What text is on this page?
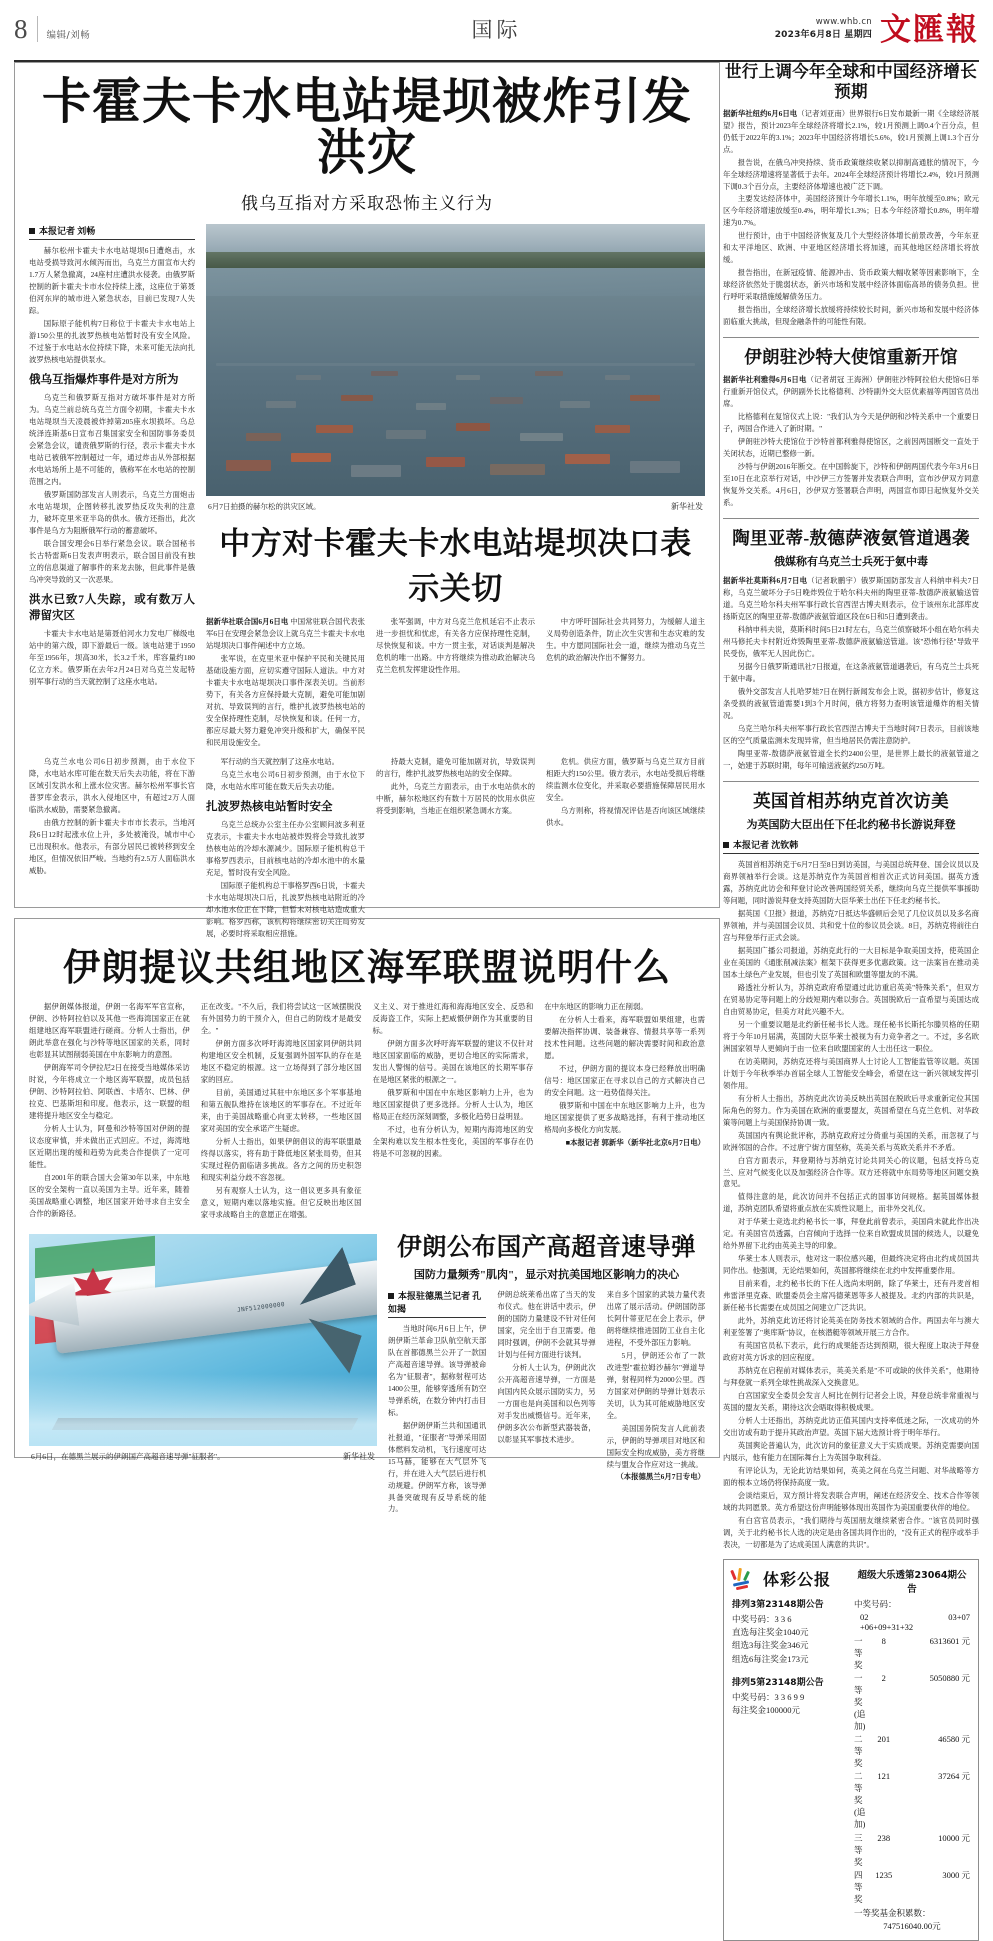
8 编辑/刘畅	国际	www.whb.cn
2023年6月8日 星期四 文匯報
卡霍夫卡水电站堤坝被炸引发洪灾
俄乌互指对方采取恐怖主义行为
本报记者 刘畅

赫尔松州卡霍夫卡水电站堤坝6日遭炮击，水电站受损导致河水倾泻而出，乌克兰方面宣布大约1.7万人紧急撤离，24座村庄遭洪水侵袭。由俄罗斯控制的新卡霍夫卡市水位持续上涨，这座位于第聂伯河东岸的城市进入紧急状态，目前已发现7人失踪。

国际原子能机构7日称位于卡霍夫卡水电站上游150公里的扎波罗热核电站暂时没有安全风险。不过鉴于水电站水位持续下降，未来可能无法向扎波罗热核电站提供泵水。

俄乌互指爆炸事件是对方所为

乌克兰和俄罗斯互指对方破坏事件是对方所为。乌克兰前总统乌克兰方面令初期，卡霍夫卡水电站堤坝当天凌晨被炸掉第205座水坝损坏。乌总统泽连斯基6日宣布召集国家安全和国防事务委员会紧急会议，谴责俄罗斯的行径，表示卡霍夫卡水电站已被俄军控制超过一年，通过炸击从外部根据水电站场所上是不可能的，俄称军在水电站的控制范围之内。

俄罗斯国防部发言人则表示，乌克兰方面炮击水电站堤坝，企图转移扎波罗热反攻失利的注意力，破坏克里米亚半岛的供水。俄方还指出，此次事件是乌方为阻断俄军行动的蓄意破坏。

联合国安理会6日举行紧急会议。联合国秘书长古特雷斯6日发表声明表示，联合国目前没有独立的信息渠道了解事件的来龙去脉，但此事件是俄乌冲突导致的又一次恶果。

洪水已致7人失踪，或有数万人滞留灾区

卡霍夫卡水电站是第聂伯河水力发电厂梯级电站中的第六级，即下游最后一级。该电站建于1950年至1956年，坝高30米，长3.2千米，库容量约180亿立方米。俄罗斯在去年2月24日对乌克兰发起特别军事行动的当天就控制了这座水电站。

6月7日拍摄的赫尔松的洪灾区域。	新华社发
中方对卡霍夫卡水电站堤坝决口表示关切

据新华社联合国6月6日电 中国常驻联合国代表张军6日在安理会紧急会议上就乌克兰卡霍夫卡水电站堤坝决口事件阐述中方立场。

张军说，在克里米亚中保护平民和关键民用基础设施方面，应切实遵守国际人道法。中方对卡霍夫卡水电站堤坝决口事件深表关切。当前形势下，有关各方应保持最大克制，避免可能加剧对抗、导致误判的言行，维护扎波罗热核电站的安全保持理性克制，尽快恢复和谈。任何一方，都应尽最大努力避免冲突升级和扩大，确保平民和民用设施安全。

张军强调，中方对乌克兰危机延宕不止表示进一步担忧和忧虑，有关各方应保持理性克制，尽快恢复和谈。中方一贯主张，对话谈判是解决危机的唯一出路。中方将继续为推动政治解决乌克兰危机发挥建设性作用。

中方呼吁国际社会共同努力，为缓解人道主义局势创造条件，防止次生灾害和生态灾难的发生。中方愿同国际社会一道，继续为推动乌克兰危机的政治解决作出不懈努力。

乌克兰水电公司6日初步预测，由于水位下降，水电站水库可能在数天后失去功能，将在下游区域引发洪水和上涨水位灾害。赫尔松州军事长官普罗库金表示，洪水入侵地区中，有超过2万人面临洪水威胁，需要紧急撤离。

由俄方控制的新卡霍夫卡市市长表示，当地河段6日12时起涨水位上升，多处被淹没，城市中心已出现积水。他表示，有部分居民已被转移到安全地区，但情况依旧严峻。当地约有2.5万人面临洪水威胁。

军行动的当天就控制了这座水电站。

乌克兰水电公司6日初步预测，由于水位下降，水电站水库可能在数天后失去功能。

扎波罗热核电站暂时安全

乌克兰总统办公室主任办公室顾问波多利亚克表示，卡霍夫卡水电站被炸毁将会导致扎波罗热核电站的冷却水源减少。国际原子能机构总干事格罗西表示，目前核电站的冷却水池中的水量充足，暂时没有安全风险。

国际原子能机构总干事格罗西6日说，卡霍夫卡水电站堤坝决口后，扎波罗热核电站附近的冷却水池水位正在下降，但暂未对核电站造成重大影响。格罗西称，该机构将继续密切关注局势发展，必要时将采取相应措施。

持最大克制，避免可能加剧对抗，导致误判的言行，维护扎波罗热核电站的安全保障。

此外，乌克兰方面表示，由于水电站供水的中断，赫尔松地区约有数十万居民的饮用水供应将受到影响，当地正在组织紧急调水方案。

危机。供应方面，俄罗斯与乌克兰双方目前相距大约150公里。俄方表示，水电站受损后将继续监测水位变化，并采取必要措施保障居民用水安全。

乌方则称，将视情况评估是否向该区域继续供水。

世行上调今年全球和中国经济增长预期

据新华社纽约6月6日电（记者刘亚南）世界银行6日发布最新一期《全球经济展望》报告，预计2023年全球经济将增长2.1%，较1月预测上调0.4个百分点，但仍低于2022年的3.1%；2023年中国经济将增长5.6%，较1月预测上调1.3个百分点。

报告说，在俄乌冲突持续、货币政策继续收紧以抑制高通胀的情况下，今年全球经济增速将显著低于去年。2024年全球经济预计将增长2.4%，较1月预测下调0.3个百分点，主要经济体增速也被广泛下调。

主要发达经济体中，美国经济预计今年增长1.1%，明年放缓至0.8%；欧元区今年经济增速放缓至0.4%，明年增长1.3%；日本今年经济增长0.8%，明年增速为0.7%。

世行预计，由于中国经济恢复及几个大型经济体增长前景改善，今年东亚和太平洋地区、欧洲、中亚地区经济增长将加速，而其他地区经济增长将放缓。

报告指出，在新冠疫情、能源冲击、货币政策大幅收紧等因素影响下，全球经济依然处于脆弱状态，新兴市场和发展中经济体面临高昂的债务负担。世行呼吁采取措施缓解债务压力。

报告指出，全球经济增长放缓将持续较长时间，新兴市场和发展中经济体面临重大挑战，但现金融条件的可能性有限。

伊朗驻沙特大使馆重新开馆

据新华社利雅得6月6日电（记者胡冠 王海洲）伊朗驻沙特阿拉伯大使馆6日举行重新开馆仪式，伊朗副外长比格德利、沙特副外交大臣优素福等两国官员出席。

比格德利在复馆仪式上说："我们认为今天是伊朗和沙特关系中一个重要日子，两国合作进入了新时期。"

伊朗驻沙特大使馆位于沙特首都利雅得使馆区，之前因两国断交一直处于关闭状态，近期已整修一新。

沙特与伊朗2016年断交。在中国斡旋下，沙特和伊朗两国代表今年3月6日至10日在北京举行对话，中沙伊三方签署并发表联合声明，宣布沙伊双方同意恢复外交关系。4月6日，沙伊双方签署联合声明，两国宣布即日起恢复外交关系。

陶里亚蒂-敖德萨液氨管道遇袭
俄媒称有乌克兰士兵死于氨中毒

据新华社莫斯科6月7日电（记者耿鹏宇）俄罗斯国防部发言人科纳申科夫7日称，乌克兰破坏分子5日晚炸毁位于哈尔科夫州的陶里亚蒂-敖德萨液氨输送管道。乌克兰哈尔科夫州军事行政长官西涅古博夫则表示，位于该州东北部库皮扬斯克区的陶里亚蒂-敖德萨液氨管道区段在6日和5日遭到袭击。

科纳申科夫说，莫斯科时间5日21时左右，乌克兰侦察破坏小组在哈尔科夫州马修托夫卡村附近炸毁陶里亚蒂-敖德萨液氨输送管道。该"恐怖行径"导致平民受伤，俄军无人因此伤亡。

另据今日俄罗斯通讯社7日报道，在这条液氨管道遇袭后，有乌克兰士兵死于氨中毒。

俄外交部发言人扎哈罗娃7日在例行新闻发布会上说，据初步估计，修复这条受损的液氨管道需要1到3个月时间，俄方将努力查明该管道爆炸的相关情况。

乌克兰哈尔科夫州军事行政长官西涅古博夫于当地时间7日表示，目前该地区的空气质量监测未发现异常，但当地居民仍需注意防护。

陶里亚蒂-敖德萨液氨管道全长约2400公里，是世界上最长的液氨管道之一，始建于苏联时期，每年可输送液氨约250万吨。

英国首相苏纳克首次访美
为英国防大臣出任下任北约秘书长游说拜登
本报记者 沈钦韩

英国首相苏纳克于6月7日至8日到访美国，与美国总统拜登、国会议员以及商界领袖举行会谈。这是苏纳克作为英国首相首次正式访问美国。据英方透露，苏纳克此访会和拜登讨论改善两国经贸关系，继续向乌克兰提供军事援助等问题，同时游说拜登支持英国防大臣华莱士出任下任北约秘书长。

据英国《卫报》报道，苏纳克7日抵达华盛顿后会见了几位议员以及多名商界领袖，并与美国国会议员、共和党十位的参议员会谈。8日，苏纳克将前往白宫与拜登举行正式会谈。

据英国广播公司报道，苏纳克此行的一大目标是争取美国支持，使英国企业在美国的《通胀削减法案》框架下获得更多优惠政策。这一法案旨在推动美国本土绿色产业发展，但也引发了英国和欧盟等盟友的不满。

路透社分析认为，苏纳克政府希望通过此访重启英美"特殊关系"，但双方在贸易协定等问题上的分歧短期内难以弥合。英国脱欧后一直希望与美国达成自由贸易协定，但美方对此兴趣不大。

另一个重要议题是北约新任秘书长人选。现任秘书长斯托尔滕贝格的任期将于今年10月届满，英国防大臣华莱士被视为有力竞争者之一。不过，多名欧洲国家领导人更倾向于由一位来自欧盟国家的人士出任这一职位。

在访美期间，苏纳克还将与美国商界人士讨论人工智能监管等议题。英国计划于今年秋季举办首届全球人工智能安全峰会，希望在这一新兴领域发挥引领作用。

有分析人士指出，苏纳克此次访美反映出英国在脱欧后寻求重新定位其国际角色的努力。作为美国在欧洲的重要盟友，英国希望在乌克兰危机、对华政策等问题上与美国保持协调一致。

英国国内有舆论批评称，苏纳克政府过分倚重与美国的关系，而忽视了与欧洲邻国的合作。不过唐宁街方面坚称，英美关系与英欧关系并不矛盾。

白宫方面表示，拜登期待与苏纳克讨论共同关心的议题，包括支持乌克兰、应对气候变化以及加强经济合作等。双方还将就中东局势等地区问题交换意见。

值得注意的是，此次访问并不包括正式的国事访问规格。据英国媒体报道，苏纳克团队希望将重点放在实质性议题上，而非外交礼仪。

对于华莱士竞选北约秘书长一事，拜登此前曾表示，美国尚未就此作出决定。有美国官员透露，白宫倾向于选择一位来自欧盟成员国的候选人，以避免给外界留下北约由英美主导的印象。

华莱士本人则表示，他对这一职位感兴趣，但最终决定将由北约成员国共同作出。他强调，无论结果如何，英国都将继续在北约中发挥重要作用。

目前来看，北约秘书长的下任人选尚未明朗，除了华莱士，还有丹麦首相弗雷泽里克森、欧盟委员会主席冯德莱恩等多人被提及。北约内部的共识是，新任秘书长需要在成员国之间建立广泛共识。

此外，苏纳克此访还将讨论英美在防务技术领域的合作。两国去年与澳大利亚签署了"奥库斯"协议，在核潜艇等领域开展三方合作。

有英国官员私下表示，此行的成果能否达到预期，很大程度上取决于拜登政府对英方诉求的回应程度。

苏纳克在启程前对媒体表示，英美关系是"不可或缺的伙伴关系"，他期待与拜登就一系列全球性挑战深入交换意见。

白宫国家安全委员会发言人柯比在例行记者会上说，拜登总统非常重视与英国的盟友关系，期待这次会晤取得积极成果。

分析人士还指出，苏纳克此访正值其国内支持率低迷之际，一次成功的外交出访或有助于提升其政治声望。英国下届大选预计将于明年举行。

英国舆论普遍认为，此次访问的象征意义大于实质成果。苏纳克需要向国内展示，他有能力在国际舞台上为英国争取利益。

有评论认为，无论此访结果如何，英美之间在乌克兰问题、对华战略等方面的根本立场仍将保持高度一致。

会谈结束后，双方预计将发表联合声明，阐述在经济安全、技术合作等领域的共同愿景。英方希望这份声明能够体现出英国作为美国重要伙伴的地位。

有白宫官员表示，"我们期待与英国朋友继续紧密合作。"该官员同时强调，关于北约秘书长人选的决定是由各国共同作出的，"没有正式的程序或举手表决，一切都是为了达成美国人满意的共识"。

体彩公报
排列3第23148期公告
中奖号码：3 3 6
直选每注奖金1040元
组选3每注奖金346元
组选6每注奖金173元
排列5第23148期公告
中奖号码：3 3 6 9 9
每注奖金100000元
超级大乐透第23064期公告
中奖号码：
02 +06+09+31+32
03+07
一等奖	8	6313601 元
一等奖(追加)	2	5050880 元
二等奖	201	46580 元
二等奖(追加)	121	37264 元
三等奖	238	10000 元
四等奖	1235	3000 元
一等奖基金积累数：
747516040.00元
伊朗提议共组地区海军联盟说明什么

据伊朗媒体报道，伊朗一名海军军官宣称，伊朗、沙特阿拉伯以及其他一些海湾国家正在就组建地区海军联盟进行磋商。分析人士指出，伊朗此举意在强化与沙特等地区国家的关系，同时也彰显其试图削弱美国在中东影响力的意图。

伊朗海军司令伊拉尼2日在接受当地媒体采访时说，今年将成立一个地区海军联盟，成员包括伊朗、沙特阿拉伯、阿联酋、卡塔尔、巴林、伊拉克、巴基斯坦和印度。他表示，这一联盟的组建将提升地区安全与稳定。

分析人士认为，阿曼和沙特等国对伊朗的提议态度审慎，并未做出正式回应。不过，海湾地区近期出现的缓和趋势为此类合作提供了一定可能性。

自2001年的联合国大会第30年以来，中东地区的安全架构一直以美国为主导。近年来，随着美国战略重心调整，地区国家开始寻求自主安全合作的新路径。

正在改变。"不久后，我们将尝试这一区域摆脱没有外国势力的干预介入，但自己的防线才是最安全。"

伊朗方面多次呼吁海湾地区国家同伊朗共同构建地区安全机制，反复强调外国军队的存在是地区不稳定的根源。这一立场得到了部分地区国家的回应。

目前，美国通过其驻中东地区多个军事基地和第五舰队维持在该地区的军事存在。不过近年来，由于美国战略重心向亚太转移，一些地区国家对美国的安全承诺产生疑虑。

分析人士指出，如果伊朗倡议的海军联盟最终得以落实，将有助于降低地区紧张局势，但其实现过程仍面临诸多挑战。各方之间的历史积怨和现实利益分歧不容忽视。

另有观察人士认为，这一倡议更多具有象征意义，短期内难以落地实施。但它反映出地区国家寻求战略自主的意愿正在增强。

义主义、对于推进红海和海海地区安全、反恐和反海盗工作，实际上把威慑伊朗作为其重要的目标。

伊朗方面多次呼吁海军联盟的建议不仅针对地区国家面临的威胁，更切合地区的实际需求，发出人警惕的信号。美国在该地区的长期军事存在是地区紧张的根源之一。

俄罗斯和中国在中东地区影响力上升，也为地区国家提供了更多选择。分析人士认为，地区格局正在经历深刻调整，多极化趋势日益明显。

不过，也有分析认为，短期内海湾地区的安全架构难以发生根本性变化，美国的军事存在仍将是不可忽视的因素。

在中东地区的影响力正在削弱。

在分析人士看来，海军联盟如果组建，也需要解决指挥协调、装备兼容、情报共享等一系列技术性问题。这些问题的解决需要时间和政治意愿。

不过，伊朗方面的提议本身已经释放出明确信号：地区国家正在寻求以自己的方式解决自己的安全问题。这一趋势值得关注。

俄罗斯和中国在中东地区影响力上升，也为地区国家提供了更多战略选择，有利于推动地区格局向多极化方向发展。

■本报记者 郭新华（新华社北京6月7日电）

JNF512000000
6月6日，在德黑兰展示的伊朗国产高超音速导弹"征服者"。	新华社发
伊朗公布国产高超音速导弹
国防力量频秀"肌肉"，显示对抗美国地区影响力的决心
本报驻德黑兰记者 孔如揭

当地时间6月6日上午，伊朗伊斯兰革命卫队航空航天部队在首都德黑兰公开了一款国产高超音速导弹。该导弹被命名为"征服者"，据称射程可达1400公里，能够穿透所有防空导弹系统，在数分钟内打击目标。

据伊朗伊斯兰共和国通讯社报道，"征服者"导弹采用固体燃料发动机，飞行速度可达15马赫，能够在大气层外飞行，并在进入大气层后进行机动规避。伊朗军方称，该导弹具备突破现有反导系统的能力。

伊朗总统莱希出席了当天的发布仪式。他在讲话中表示，伊朗的国防力量建设不针对任何国家，完全出于自卫需要。他同时强调，伊朗不会就其导弹计划与任何方面进行谈判。

分析人士认为，伊朗此次公开高超音速导弹，一方面是向国内民众展示国防实力，另一方面也是向美国和以色列等对手发出威慑信号。近年来，伊朗多次公布新型武器装备，以彰显其军事技术进步。

来自多个国家的武装力量代表出席了展示活动。伊朗国防部长阿什蒂亚尼在会上表示，伊朗将继续推进国防工业自主化进程，不受外部压力影响。

5月，伊朗还公布了一款改进型"霍拉姆沙赫尔"弹道导弹，射程同样为2000公里。西方国家对伊朗的导弹计划表示关切，认为其可能威胁地区安全。

美国国务院发言人此前表示，伊朗的导弹项目对地区和国际安全构成威胁，美方将继续与盟友合作应对这一挑战。

（本报德黑兰6月7日专电）
